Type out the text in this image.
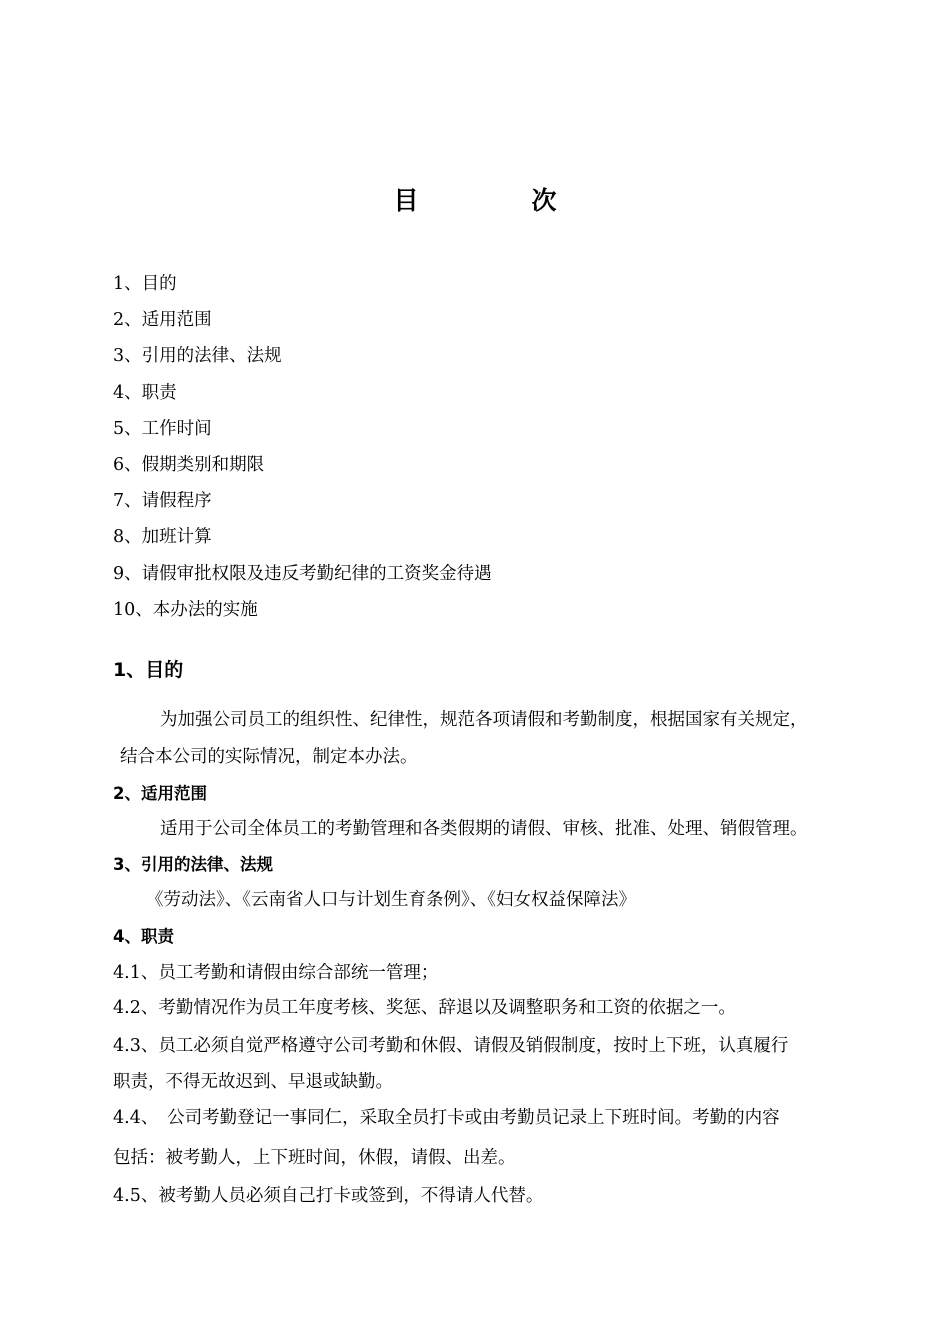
目　次
1、目的
2、适用范围
3、引用的法律、法规
4、职责
5、工作时间
6、假期类别和期限
7、请假程序
8、加班计算
9、请假审批权限及违反考勤纪律的工资奖金待遇
10、本办法的实施
1、目的
为加强公司员工的组织性、纪律性，规范各项请假和考勤制度，根据国家有关规定，
结合本公司的实际情况，制定本办法。
2、适用范围
适用于公司全体员工的考勤管理和各类假期的请假、审核、批准、处理、销假管理。
3、引用的法律、法规
《劳动法》、《云南省人口与计划生育条例》、《妇女权益保障法》
4、职责
4.1、员工考勤和请假由综合部统一管理；
4.2、考勤情况作为员工年度考核、奖惩、辞退以及调整职务和工资的依据之一。
4.3、员工必须自觉严格遵守公司考勤和休假、请假及销假制度，按时上下班，认真履行
职责，不得无故迟到、早退或缺勤。
4.4、　公司考勤登记一事同仁，采取全员打卡或由考勤员记录上下班时间。考勤的内容
包括：被考勤人，上下班时间，休假，请假、出差。
4.5、被考勤人员必须自己打卡或签到，不得请人代替。
